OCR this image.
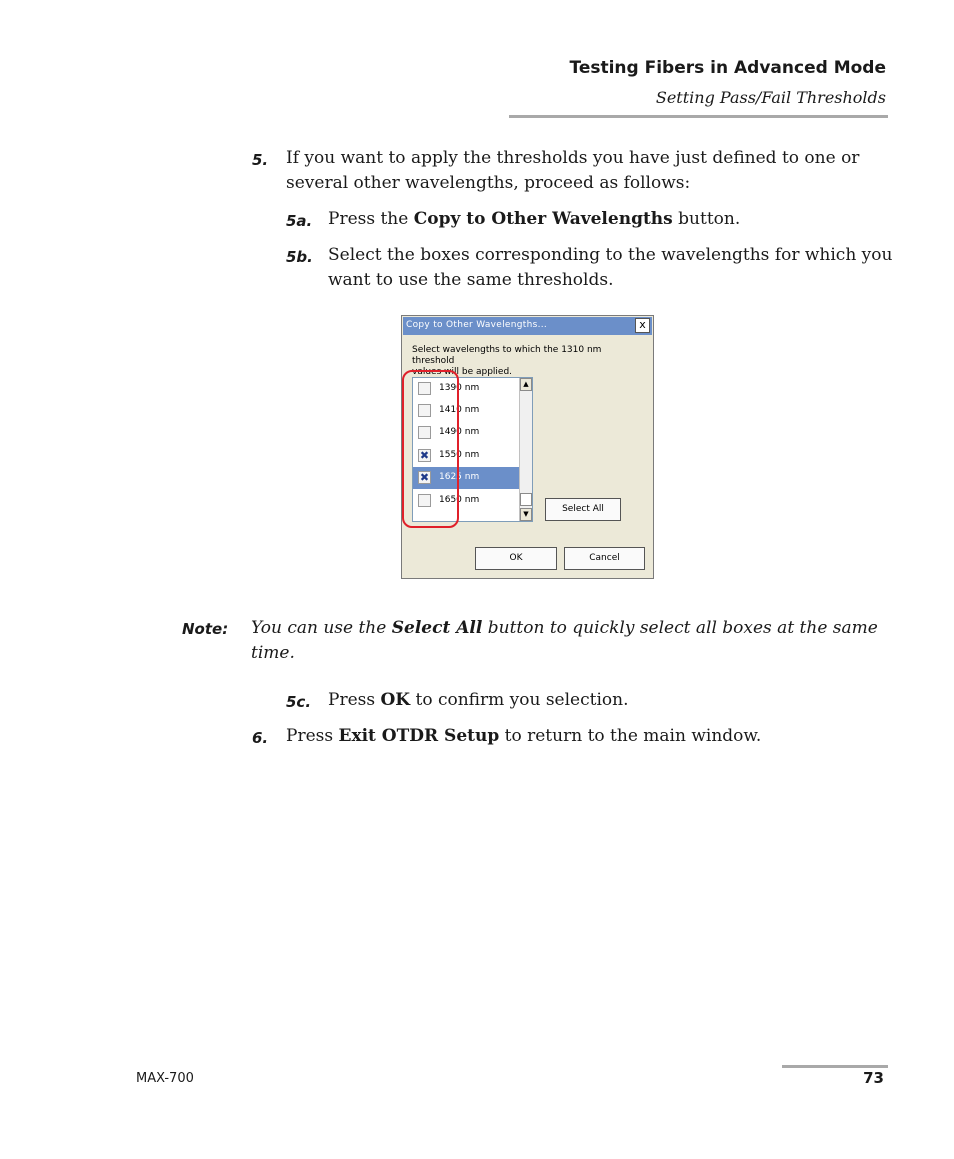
Testing Fibers in Advanced Mode
Setting Pass/Fail Thresholds
5. If you want to apply the thresholds you have just defined to one or
several other wavelengths, proceed as follows:
5a. Press the Copy to Other Wavelengths button.
5b. Select the boxes corresponding to the wavelengths for which you
want to use the same thresholds.
Copy to Other Wavelengths...	x
Select wavelengths to which the 1310 nm threshold
values will be applied.
1390 nm
1410 nm
1490 nm
✖ 1550 nm
✖ 1625 nm
1650 nm
▲
▼	Select All
OK	Cancel
Note: You can use the Select All button to quickly select all boxes at the same
time.
5c. Press OK to confirm you selection.
6. Press Exit OTDR Setup to return to the main window.
MAX-700	73
